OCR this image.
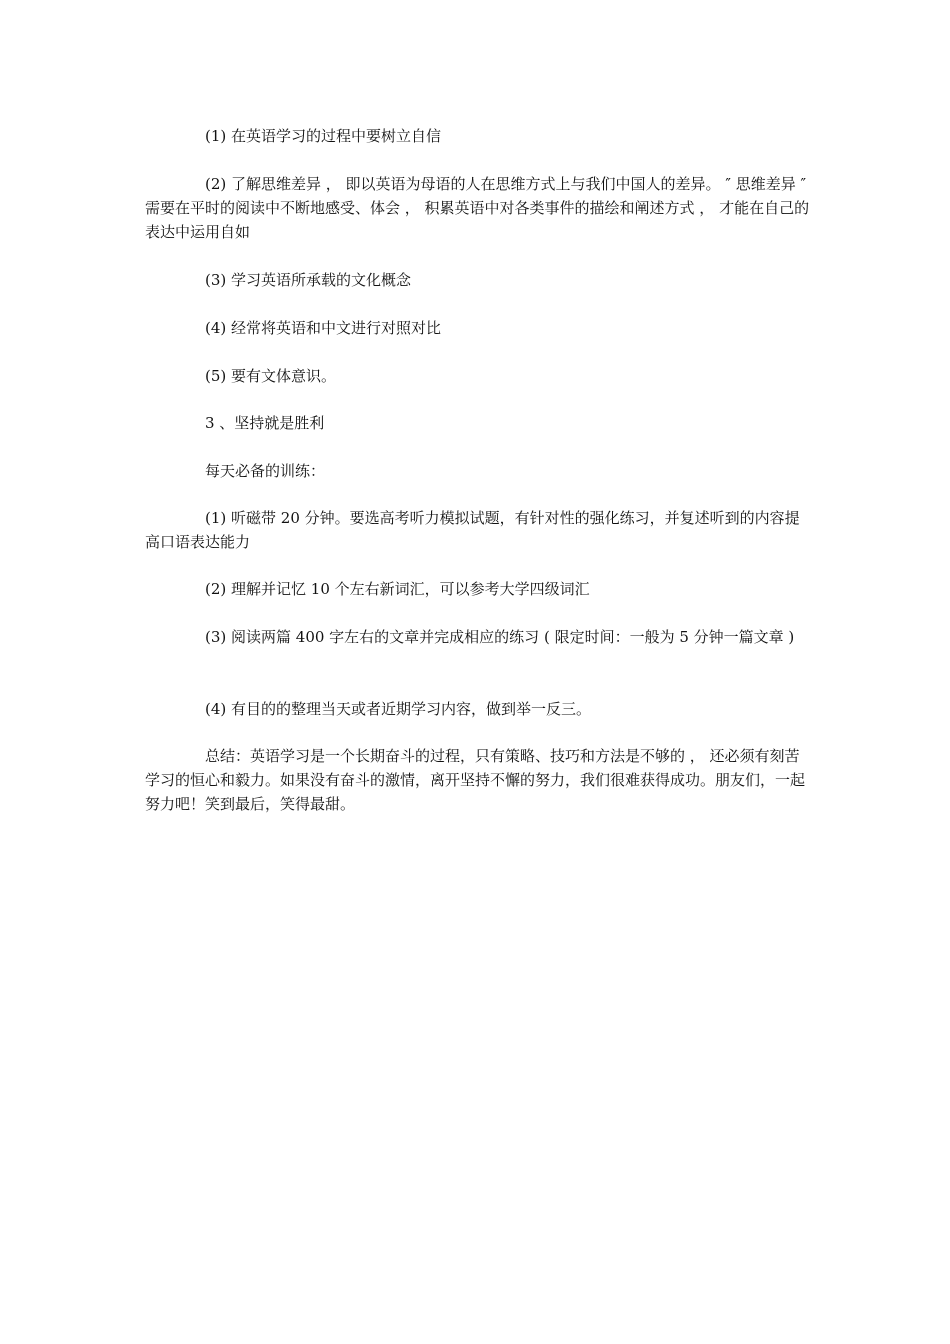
(1) 在英语学习的过程中要树立自信

(2) 了解思维差异 ， 即以英语为母语的人在思维方式上与我们中国人的差异。 ″ 思维差异 ″ 需要在平时的阅读中不断地感受、体会 ， 积累英语中对各类事件的描绘和阐述方式 ， 才能在自己的表达中运用自如

(3) 学习英语所承载的文化概念

(4) 经常将英语和中文进行对照对比

(5) 要有文体意识。

3 、坚持就是胜利

每天必备的训练：

(1) 听磁带 20 分钟。要选高考听力模拟试题，有针对性的强化练习，并复述听到的内容提高口语表达能力

(2) 理解并记忆 10 个左右新词汇，可以参考大学四级词汇

(3) 阅读两篇 400 字左右的文章并完成相应的练习 ( 限定时间：一般为 5 分钟一篇文章 )

(4) 有目的的整理当天或者近期学习内容，做到举一反三。

总结：英语学习是一个长期奋斗的过程，只有策略、技巧和方法是不够的 ， 还必须有刻苦学习的恒心和毅力。如果没有奋斗的激情，离开坚持不懈的努力，我们很难获得成功。朋友们，一起努力吧！笑到最后，笑得最甜。
